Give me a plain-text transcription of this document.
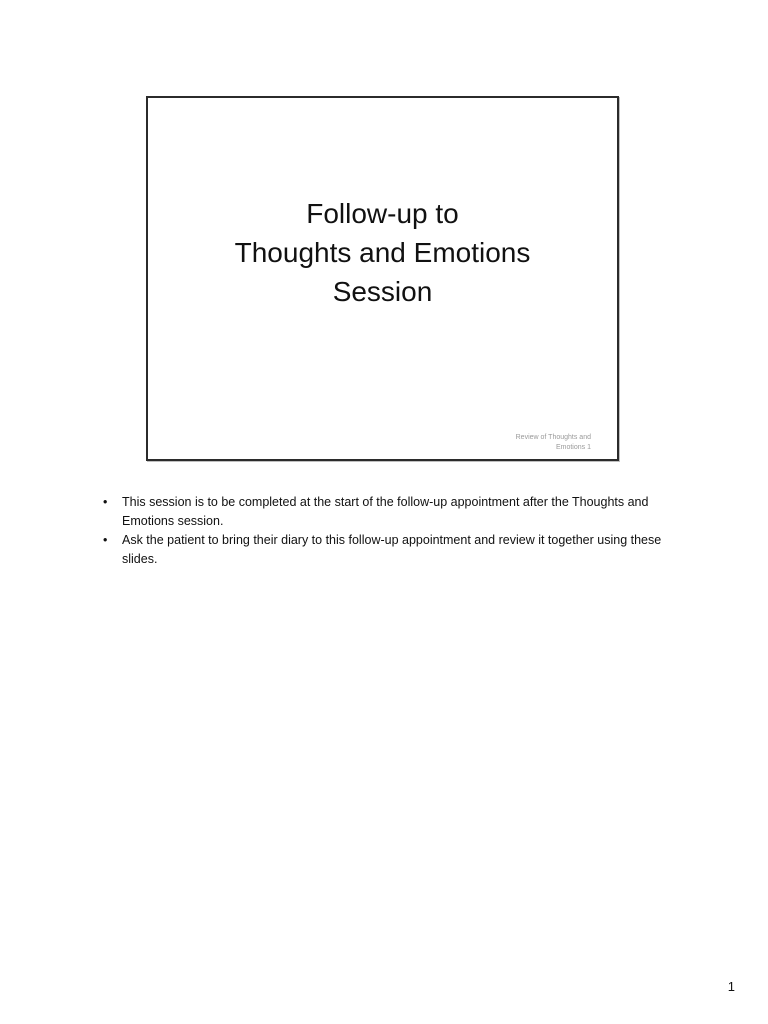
Follow-up to
Thoughts and Emotions
Session
Review of Thoughts and
Emotions 1
• This session is to be completed at the start of the follow-up appointment after the Thoughts and Emotions session.
• Ask the patient to bring their diary to this follow-up appointment and review it together using these slides.
1
